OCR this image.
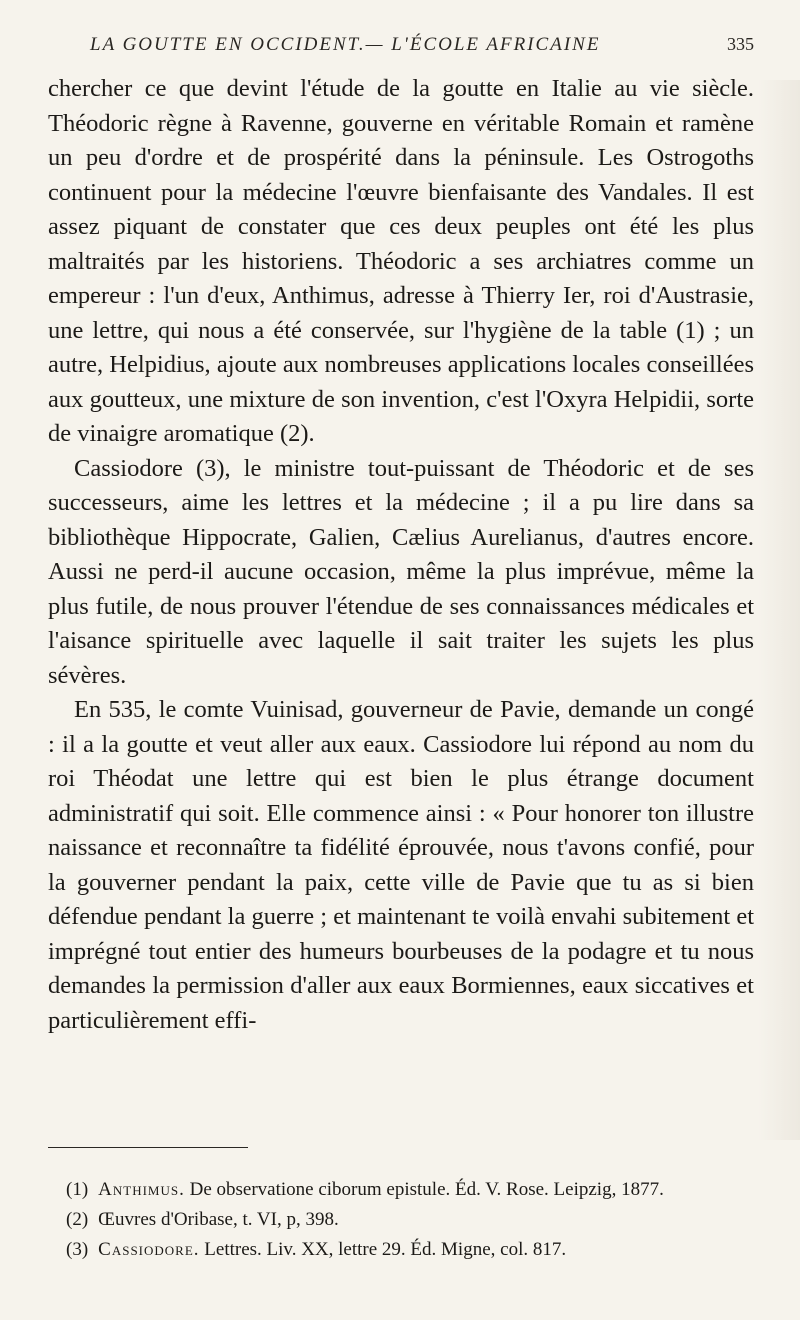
LA GOUTTE EN OCCIDENT.— L'ÉCOLE AFRICAINE	335

chercher ce que devint l'étude de la goutte en Italie au vie siècle. Théodoric règne à Ravenne, gouverne en véritable Romain et ramène un peu d'ordre et de prospérité dans la péninsule. Les Ostrogoths continuent pour la médecine l'œuvre bienfaisante des Vandales. Il est assez piquant de constater que ces deux peuples ont été les plus maltraités par les historiens. Théodoric a ses archiatres comme un empereur : l'un d'eux, Anthimus, adresse à Thierry Ier, roi d'Austrasie, une lettre, qui nous a été conservée, sur l'hygiène de la table (1) ; un autre, Helpidius, ajoute aux nombreuses applications locales conseillées aux goutteux, une mixture de son invention, c'est l'Oxyra Helpidii, sorte de vinaigre aromatique (2).

Cassiodore (3), le ministre tout-puissant de Théodoric et de ses successeurs, aime les lettres et la médecine ; il a pu lire dans sa bibliothèque Hippocrate, Galien, Cælius Aurelianus, d'autres encore. Aussi ne perd-il aucune occasion, même la plus imprévue, même la plus futile, de nous prouver l'étendue de ses connaissances médicales et l'aisance spirituelle avec laquelle il sait traiter les sujets les plus sévères.

En 535, le comte Vuinisad, gouverneur de Pavie, demande un congé : il a la goutte et veut aller aux eaux. Cassiodore lui répond au nom du roi Théodat une lettre qui est bien le plus étrange document administratif qui soit. Elle commence ainsi : « Pour honorer ton illustre naissance et reconnaître ta fidélité éprouvée, nous t'avons confié, pour la gouverner pendant la paix, cette ville de Pavie que tu as si bien défendue pendant la guerre ; et maintenant te voilà envahi subitement et imprégné tout entier des humeurs bourbeuses de la podagre et tu nous demandes la permission d'aller aux eaux Bormiennes, eaux siccatives et particulièrement effi-

(1) Anthimus. De observatione ciborum epistule. Éd. V. Rose. Leipzig, 1877.

(2) Œuvres d'Oribase, t. VI, p, 398.

(3) Cassiodore. Lettres. Liv. XX, lettre 29. Éd. Migne, col. 817.
